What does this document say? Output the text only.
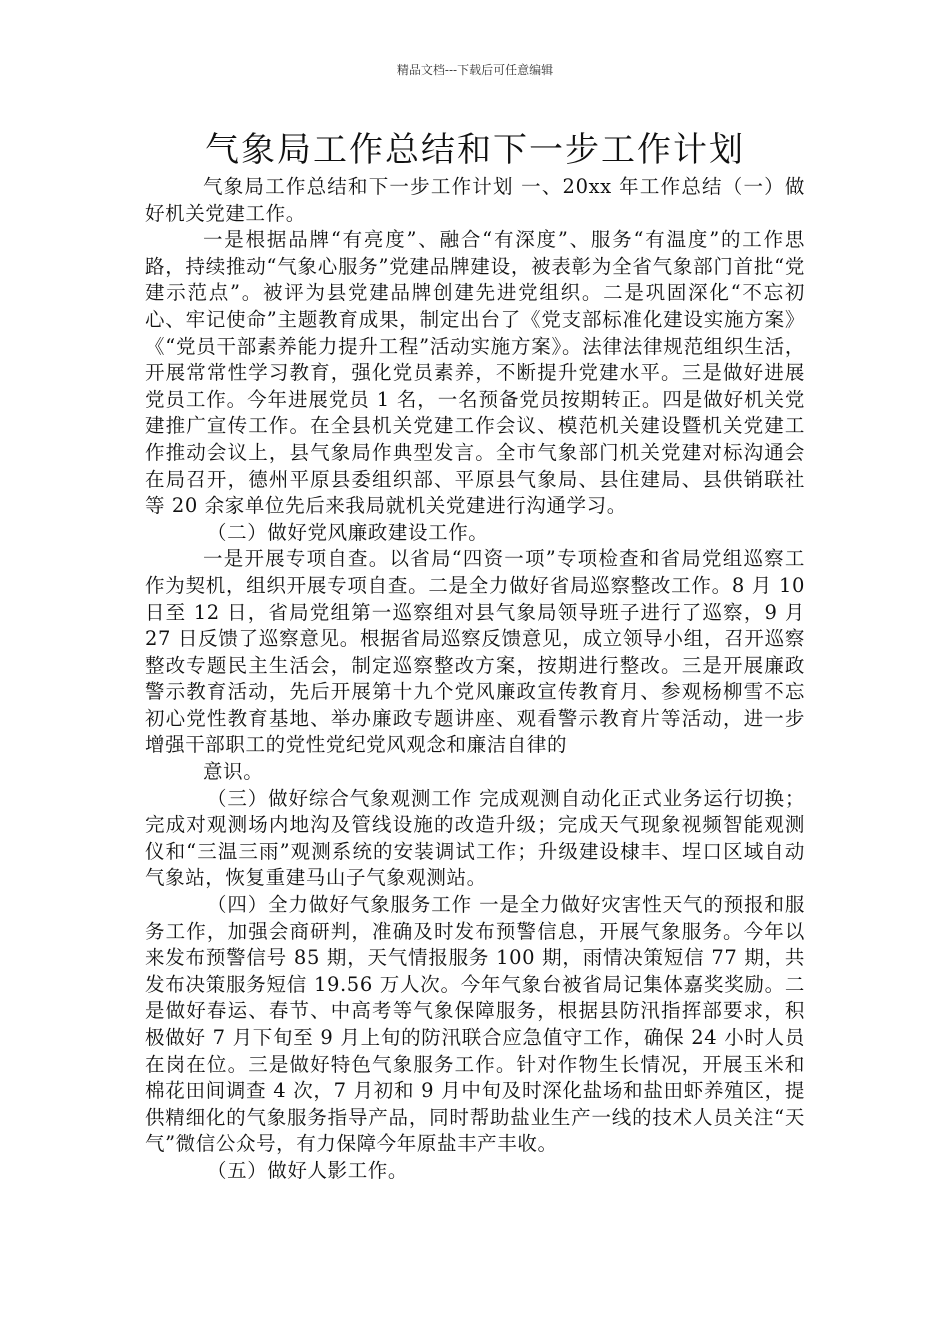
精品文档---下载后可任意编辑
气象局工作总结和下一步工作计划

气象局工作总结和下一步工作计划 一、20xx 年工作总结（一）做好机关党建工作。

一是根据品牌“有亮度”、融合“有深度”、服务“有温度”的工作思路，持续推动“气象心服务”党建品牌建设，被表彰为全省气象部门首批“党建示范点”。被评为县党建品牌创建先进党组织。二是巩固深化“不忘初心、牢记使命”主题教育成果，制定出台了《党支部标准化建设实施方案》《“党员干部素养能力提升工程”活动实施方案》。法律法律规范组织生活，开展常常性学习教育，强化党员素养，不断提升党建水平。三是做好进展党员工作。今年进展党员 1 名，一名预备党员按期转正。四是做好机关党建推广宣传工作。在全县机关党建工作会议、模范机关建设暨机关党建工作推动会议上，县气象局作典型发言。全市气象部门机关党建对标沟通会在局召开，德州平原县委组织部、平原县气象局、县住建局、县供销联社等 20 余家单位先后来我局就机关党建进行沟通学习。

（二）做好党风廉政建设工作。

一是开展专项自查。以省局“四资一项”专项检查和省局党组巡察工作为契机，组织开展专项自查。二是全力做好省局巡察整改工作。8 月 10 日至 12 日，省局党组第一巡察组对县气象局领导班子进行了巡察，9 月 27 日反馈了巡察意见。根据省局巡察反馈意见，成立领导小组，召开巡察整改专题民主生活会，制定巡察整改方案，按期进行整改。三是开展廉政警示教育活动，先后开展第十九个党风廉政宣传教育月、参观杨柳雪不忘初心党性教育基地、举办廉政专题讲座、观看警示教育片等活动，进一步增强干部职工的党性党纪党风观念和廉洁自律的

意识。

（三）做好综合气象观测工作 完成观测自动化正式业务运行切换；完成对观测场内地沟及管线设施的改造升级；完成天气现象视频智能观测仪和“三温三雨”观测系统的安装调试工作；升级建设棣丰、埕口区域自动气象站，恢复重建马山子气象观测站。

（四）全力做好气象服务工作 一是全力做好灾害性天气的预报和服务工作，加强会商研判，准确及时发布预警信息，开展气象服务。今年以来发布预警信号 85 期，天气情报服务 100 期，雨情决策短信 77 期，共发布决策服务短信 19.56 万人次。今年气象台被省局记集体嘉奖奖励。二是做好春运、春节、中高考等气象保障服务，根据县防汛指挥部要求，积极做好 7 月下旬至 9 月上旬的防汛联合应急值守工作，确保 24 小时人员在岗在位。三是做好特色气象服务工作。针对作物生长情况，开展玉米和棉花田间调查 4 次，7 月初和 9 月中旬及时深化盐场和盐田虾养殖区，提供精细化的气象服务指导产品，同时帮助盐业生产一线的技术人员关注“天气”微信公众号，有力保障今年原盐丰产丰收。

（五）做好人影工作。
